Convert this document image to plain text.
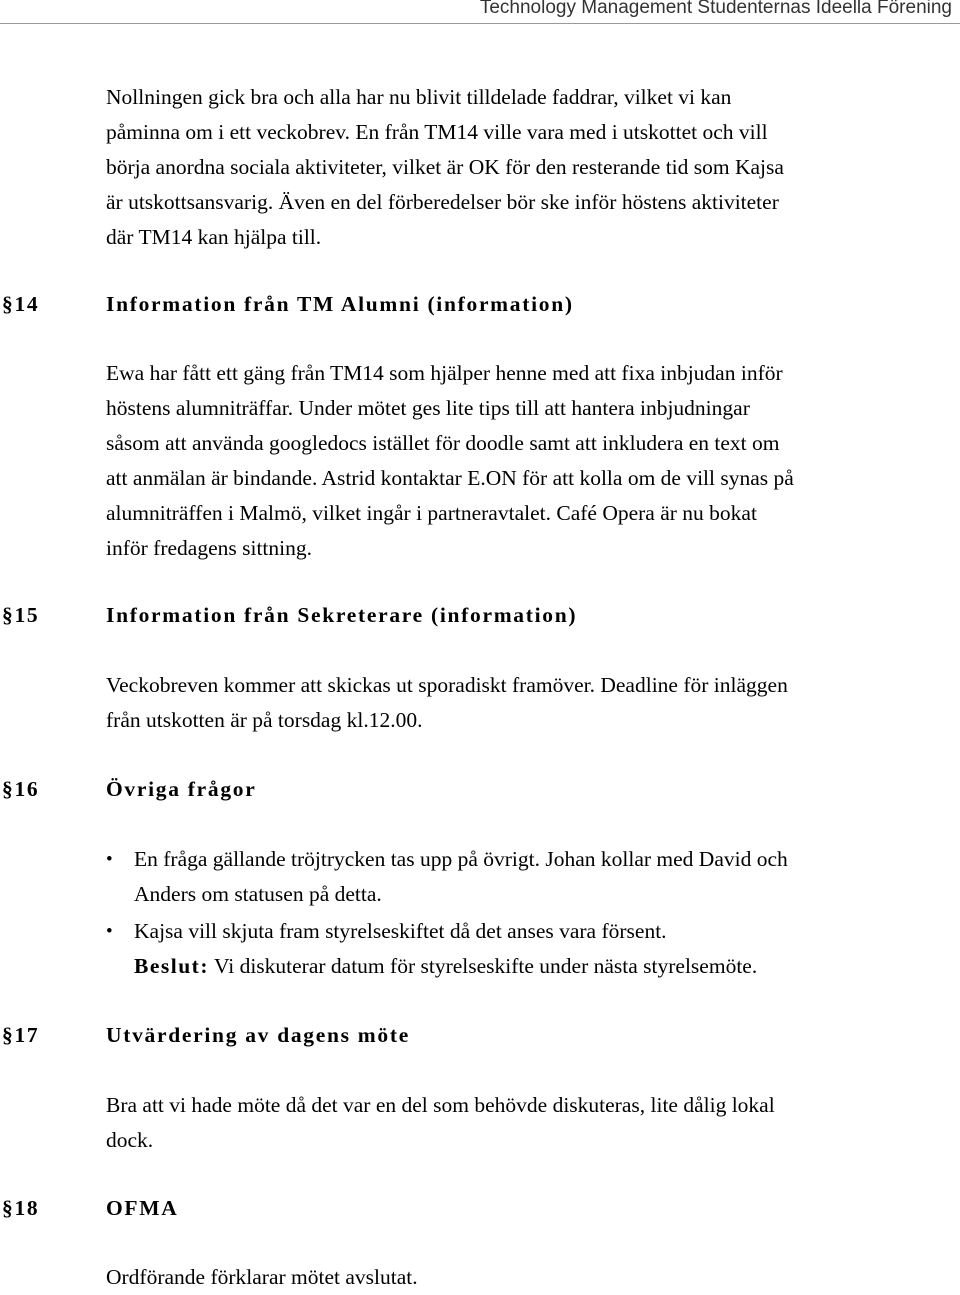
Technology Management Studenternas Ideella Förening
Nollningen gick bra och alla har nu blivit tilldelade faddrar, vilket vi kan
påminna om i ett veckobrev. En från TM14 ville vara med i utskottet och vill
börja anordna sociala aktiviteter, vilket är OK för den resterande tid som Kajsa
är utskottsansvarig. Även en del förberedelser bör ske inför höstens aktiviteter
där TM14 kan hjälpa till.
§14	Information från TM Alumni (information)
Ewa har fått ett gäng från TM14 som hjälper henne med att fixa inbjudan inför
höstens alumniträffar. Under mötet ges lite tips till att hantera inbjudningar
såsom att använda googledocs istället för doodle samt att inkludera en text om
att anmälan är bindande. Astrid kontaktar E.ON för att kolla om de vill synas på
alumniträffen i Malmö, vilket ingår i partneravtalet. Café Opera är nu bokat
inför fredagens sittning.
§15	Information från Sekreterare (information)
Veckobreven kommer att skickas ut sporadiskt framöver. Deadline för inläggen
från utskotten är på torsdag kl.12.00.
§16	Övriga frågor
• En fråga gällande tröjtrycken tas upp på övrigt. Johan kollar med David och
Anders om statusen på detta.
• Kajsa vill skjuta fram styrelseskiftet då det anses vara försent.
Beslut: Vi diskuterar datum för styrelseskifte under nästa styrelsemöte.
§17	Utvärdering av dagens möte
Bra att vi hade möte då det var en del som behövde diskuteras, lite dålig lokal
dock.
§18	OFMA
Ordförande förklarar mötet avslutat.
